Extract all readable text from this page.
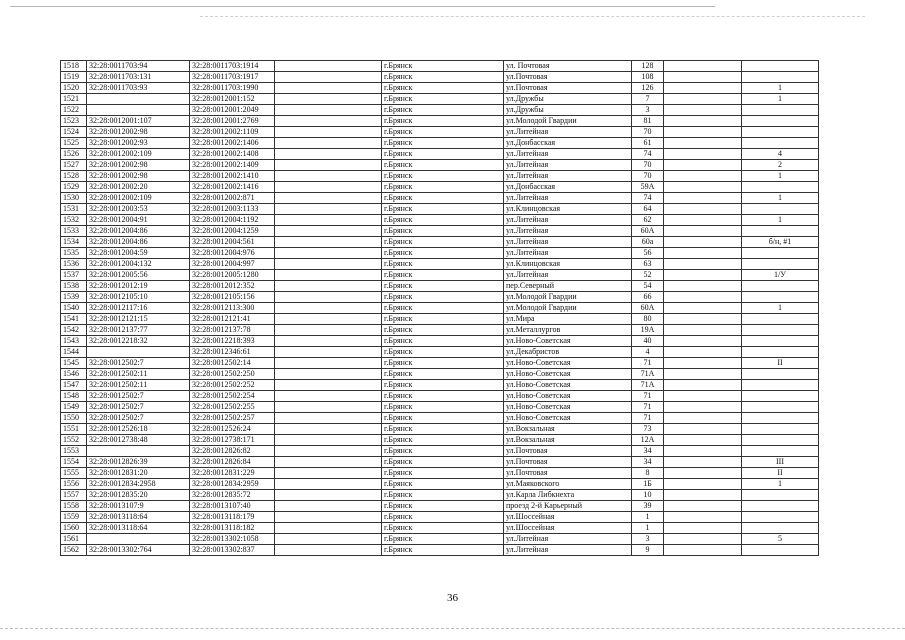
1518	32:28:0011703:94	32:28:0011703:1914		г.Брянск	ул. Почтовая	128		
1519	32:28:0011703:131	32:28:0011703:1917		г.Брянск	ул.Почтовая	108		
1520	32:28:0011703:93	32:28:0011703:1990		г.Брянск	ул.Почтовая	126		1
1521		32:28:0012001:152		г.Брянск	ул.Дружбы	7		1
1522		32:28:0012001:2049		г.Брянск	ул.Дружбы	3		
1523	32:28:0012001:107	32:28:0012001:2769		г.Брянск	ул.Молодой Гвардии	81		
1524	32:28:0012002:98	32:28:0012002:1109		г.Брянск	ул.Литейная	70		
1525	32:28:0012002:93	32:28:0012002:1406		г.Брянск	ул.Донбасская	61		
1526	32:28:0012002:109	32:28:0012002:1408		г.Брянск	ул.Литейная	74		4
1527	32:28:0012002:98	32:28:0012002:1409		г.Брянск	ул.Литейная	70		2
1528	32:28:0012002:98	32:28:0012002:1410		г.Брянск	ул.Литейная	70		1
1529	32:28:0012002:20	32:28:0012002:1416		г.Брянск	ул.Донбасская	59А		
1530	32:28:0012002:109	32:28:0012002:871		г.Брянск	ул.Литейная	74		1
1531	32:28:0012003:53	32:28:0012003:1133		г.Брянск	ул.Клинцовская	64		
1532	32:28:0012004:91	32:28:0012004:1192		г.Брянск	ул.Литейная	62		1
1533	32:28:0012004:86	32:28:0012004:1259		г.Брянск	ул.Литейная	60А		
1534	32:28:0012004:86	32:28:0012004:561		г.Брянск	ул.Литейная	60а		б/н, #1
1535	32:28:0012004:59	32:28:0012004:976		г.Брянск	ул.Литейная	56		
1536	32:28:0012004:132	32:28:0012004:997		г.Брянск	ул.Клинцовская	63		
1537	32:28:0012005:56	32:28:0012005:1280		г.Брянск	ул.Литейная	52		1/У
1538	32:28:0012012:19	32:28:0012012:352		г.Брянск	пер.Северный	54		
1539	32:28:0012105:10	32:28:0012105:156		г.Брянск	ул.Молодой Гвардии	66		
1540	32:28:0012117:16	32:28:0012113:300		г.Брянск	ул.Молодой Гвардии	60А		1
1541	32:28:0012121:15	32:28:0012121:41		г.Брянск	ул.Мира	80		
1542	32:28:0012137:77	32:28:0012137:78		г.Брянск	ул.Металлургов	19А		
1543	32:28:0012218:32	32:28:0012218:393		г.Брянск	ул.Ново-Советская	40		
1544		32:28:0012346:61		г.Брянск	ул.Декабристов	4		
1545	32:28:0012502:7	32:28:0012502:14		г.Брянск	ул.Ново-Советская	71		II
1546	32:28:0012502:11	32:28:0012502:250		г.Брянск	ул.Ново-Советская	71А		
1547	32:28:0012502:11	32:28:0012502:252		г.Брянск	ул.Ново-Советская	71А		
1548	32:28:0012502:7	32:28:0012502:254		г.Брянск	ул.Ново-Советская	71		
1549	32:28:0012502:7	32:28:0012502:255		г.Брянск	ул.Ново-Советская	71		
1550	32:28:0012502:7	32:28:0012502:257		г.Брянск	ул.Ново-Советская	71		
1551	32:28:0012526:18	32:28:0012526:24		г.Брянск	ул.Вокзальная	73		
1552	32:28:0012738:48	32:28:0012738:171		г.Брянск	ул.Вокзальная	12А		
1553		32:28:0012826:82		г.Брянск	ул.Почтовая	34		
1554	32:28:0012826:39	32:28:0012826:84		г.Брянск	ул.Почтовая	34		III
1555	32:28:0012831:20	32:28:0012831:229		г.Брянск	ул.Почтовая	8		II
1556	32:28:0012834:2958	32:28:0012834:2959		г.Брянск	ул.Маяковского	1Б		1
1557	32:28:0012835:20	32:28:0012835:72		г.Брянск	ул.Карла Либкнехта	10		
1558	32:28:0013107:9	32:28:0013107:40		г.Брянск	проезд 2-й Карьерный	39		
1559	32:28:0013118:64	32:28:0013118:179		г.Брянск	ул.Шоссейная	1		
1560	32:28:0013118:64	32:28:0013118:182		г.Брянск	ул.Шоссейная	1		
1561		32:28:0013302:1058		г.Брянск	ул.Литейная	3		5
1562	32:28:0013302:764	32:28:0013302:837		г.Брянск	ул.Литейная	9		
36
